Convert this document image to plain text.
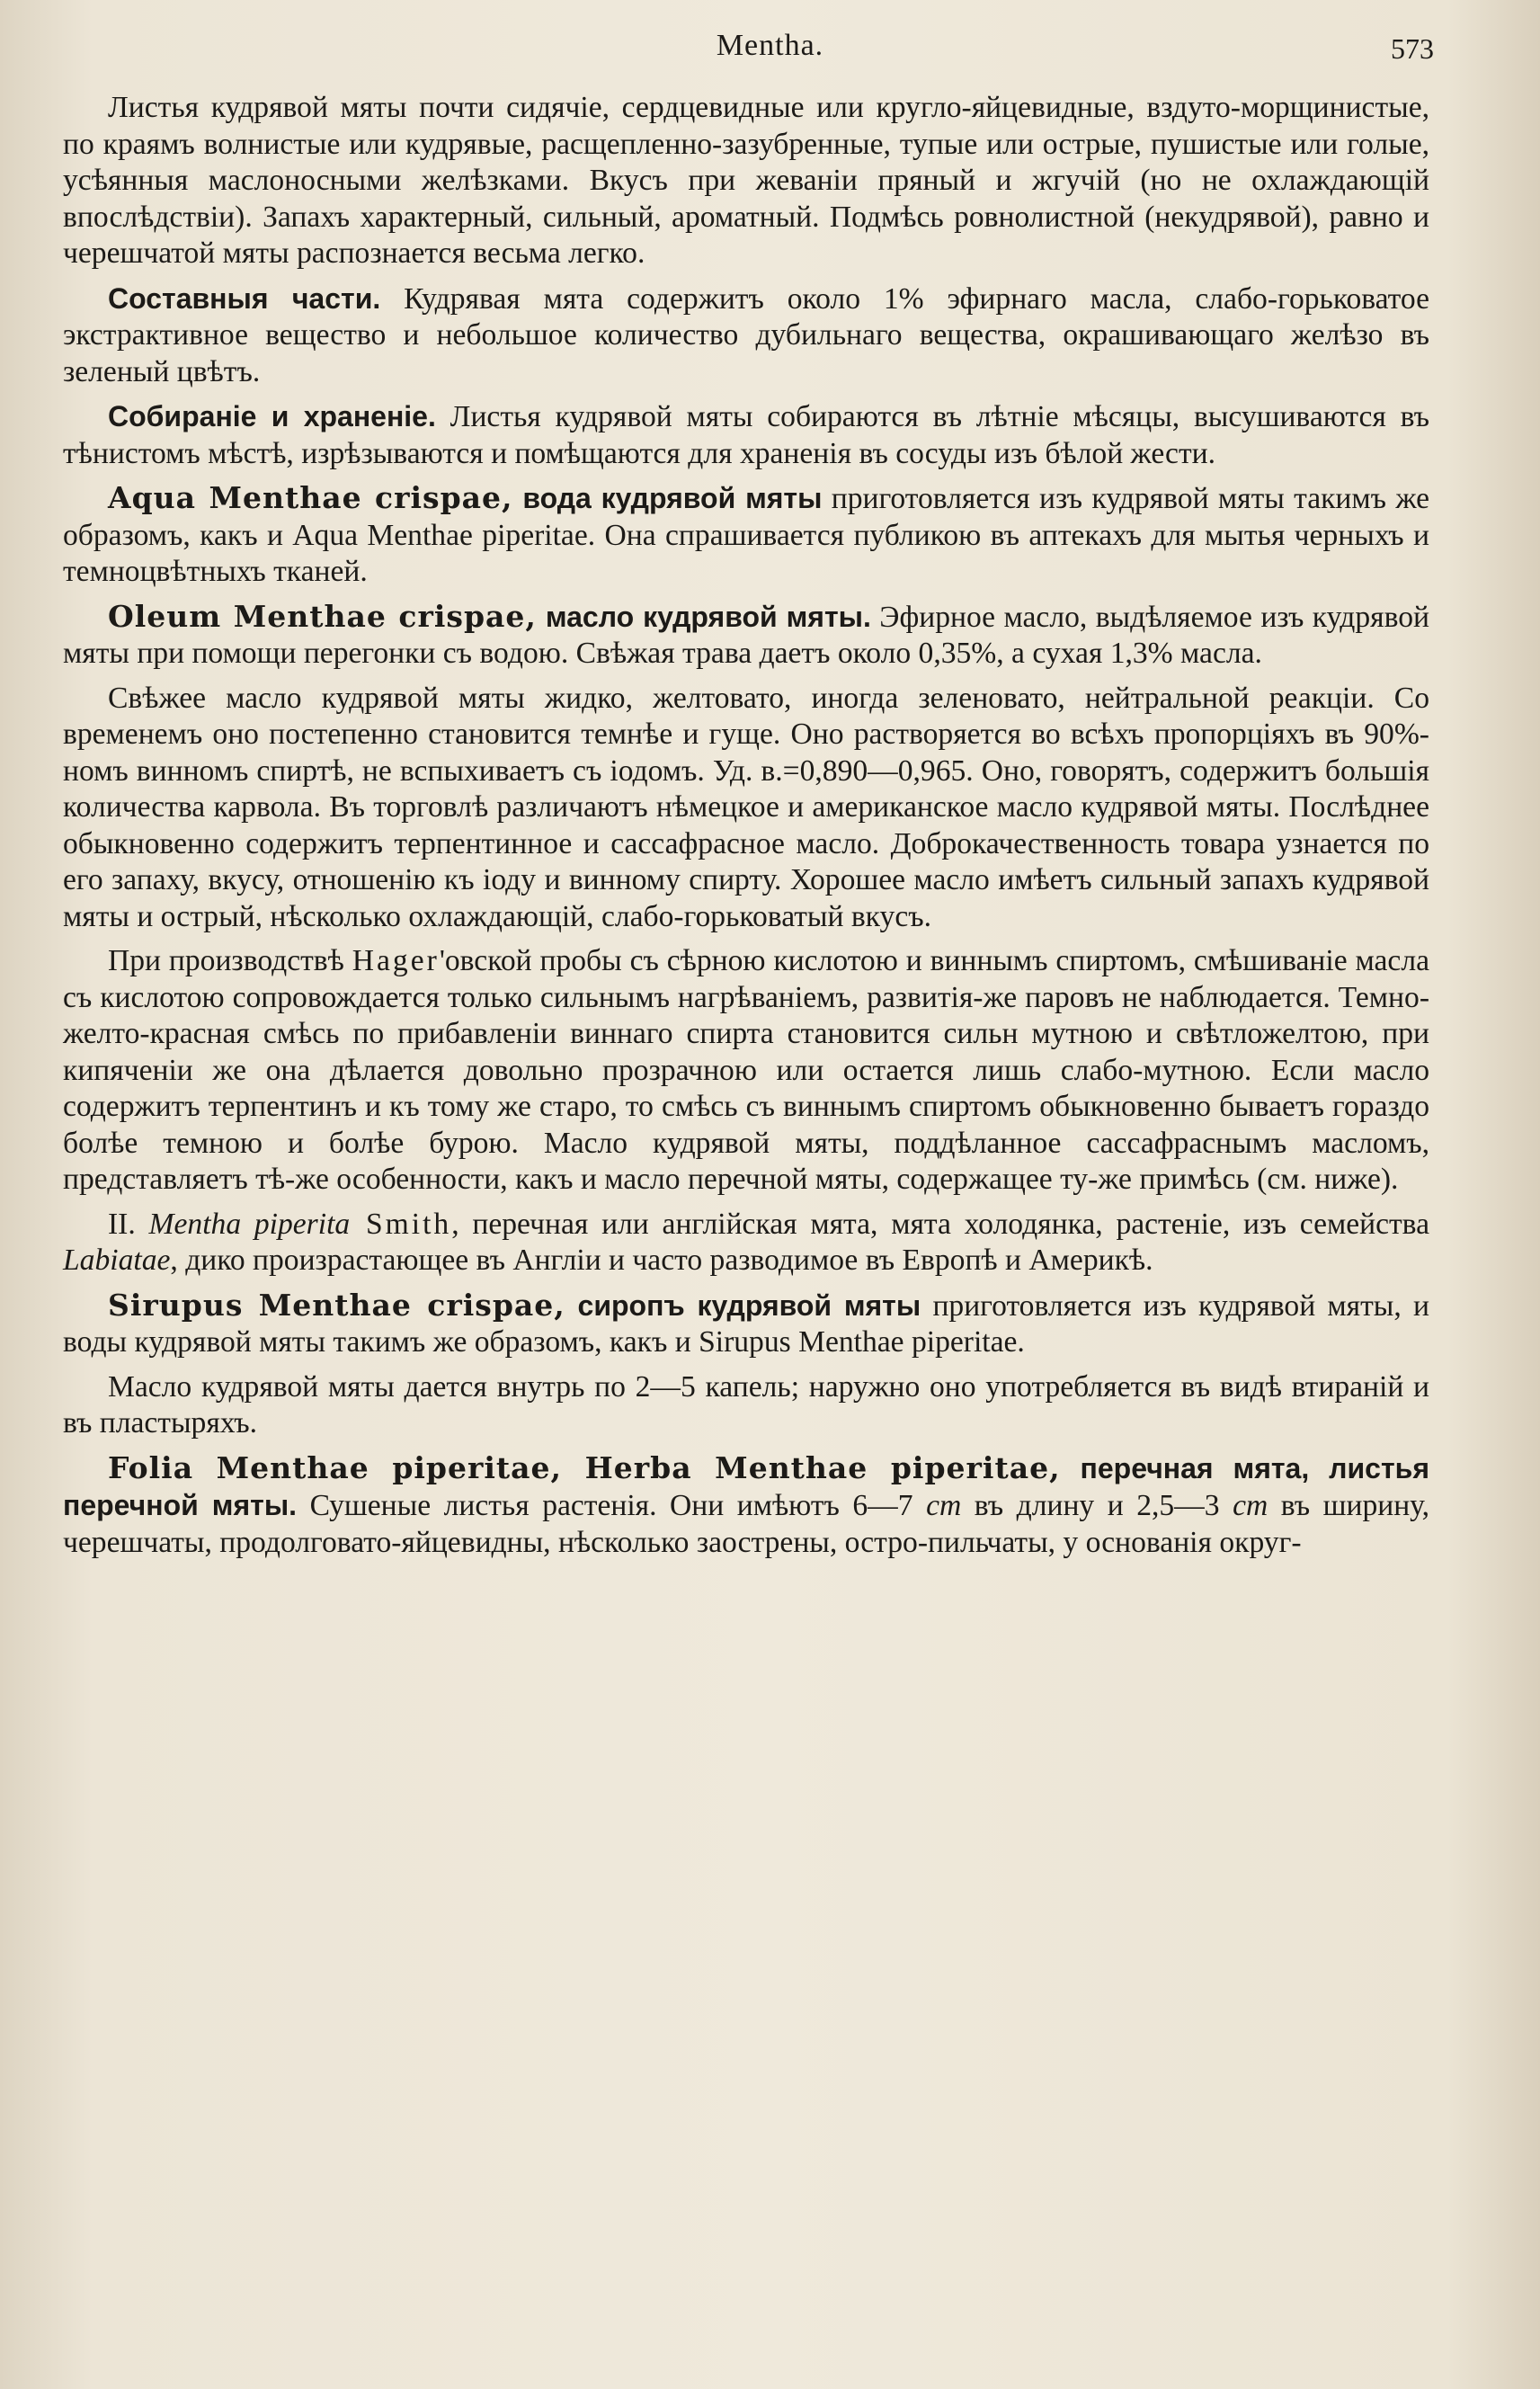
Mentha.	573

Листья кудрявой мяты почти сидячіе, сердцевидные или кругло-яйцевидные, вздуто-морщинистые, по краямъ волнистые или кудрявые, расщепленно-зазубренные, тупые или острые, пушистые или голые, усѣянныя маслоносными желѣзками. Вкусъ при жеваніи пряный и жгучій (но не охлаждающій впослѣдствіи). Запахъ характерный, сильный, ароматный. Подмѣсь ровнолистной (некудрявой), равно и черешчатой мяты распознается весьма легко.

Составныя части. Кудрявая мята содержитъ около 1% эфирнаго масла, слабо-горьковатое экстрактивное вещество и небольшое количество дубильнаго вещества, окрашивающаго желѣзо въ зеленый цвѣтъ.

Собираніе и храненіе. Листья кудрявой мяты собираются въ лѣтніе мѣсяцы, высушиваются въ тѣнистомъ мѣстѣ, изрѣзываются и помѣщаются для храненія въ сосуды изъ бѣлой жести.

Aqua Menthae crispae, вода кудрявой мяты приготовляется изъ кудрявой мяты такимъ же образомъ, какъ и Aqua Menthae piperitae. Она спрашивается публикою въ аптекахъ для мытья черныхъ и темноцвѣтныхъ тканей.

Oleum Menthae crispae, масло кудрявой мяты. Эфирное масло, выдѣляемое изъ кудрявой мяты при помощи перегонки съ водою. Свѣжая трава даетъ около 0,35%, а сухая 1,3% масла.

Свѣжее масло кудрявой мяты жидко, желтовато, иногда зеленовато, нейтральной реакціи. Со временемъ оно постепенно становится темнѣе и гуще. Оно растворяется во всѣхъ пропорціяхъ въ 90%-номъ винномъ спиртѣ, не вспыхиваетъ съ іодомъ. Уд. в.=0,890—0,965. Оно, говорятъ, содержитъ большія количества карвола. Въ торговлѣ различаютъ нѣмецкое и американское масло кудрявой мяты. Послѣднее обыкновенно содержитъ терпентинное и сассафрасное масло. Доброкачественность товара узнается по его запаху, вкусу, отношенію къ іоду и винному спирту. Хорошее масло имѣетъ сильный запахъ кудрявой мяты и острый, нѣсколько охлаждающій, слабо-горьковатый вкусъ.

При производствѣ Hager'овской пробы съ сѣрною кислотою и виннымъ спиртомъ, смѣшиваніе масла съ кислотою сопровождается только сильнымъ нагрѣваніемъ, развитія-же паровъ не наблюдается. Темно-желто-красная смѣсь по прибавленіи виннаго спирта становится сильн мутною и свѣтложелтою, при кипяченіи же она дѣлается довольно прозрачною или остается лишь слабо-мутною. Если масло содержитъ терпентинъ и къ тому же старо, то смѣсь съ виннымъ спиртомъ обыкновенно бываетъ гораздо болѣе темною и болѣе бурою. Масло кудрявой мяты, поддѣланное сассафраснымъ масломъ, представляетъ тѣ-же особенности, какъ и масло перечной мяты, содержащее ту-же примѣсь (см. ниже).

II. Mentha piperita Smith, перечная или англійская мята, мята холодянка, растеніе, изъ семейства Labiatae, дико произрастающее въ Англіи и часто разводимое въ Европѣ и Америкѣ.

Sirupus Menthae crispae, сиропъ кудрявой мяты приготовляется изъ кудрявой мяты, и воды кудрявой мяты такимъ же образомъ, какъ и Sirupus Menthae piperitae.

Масло кудрявой мяты дается внутрь по 2—5 капель; наружно оно употребляется въ видѣ втираній и въ пластыряхъ.

Folia Menthae piperitae, Herba Menthae piperitae, перечная мята, листья перечной мяты. Сушеные листья растенія. Они имѣютъ 6—7 cm въ длину и 2,5—3 cm въ ширину, черешчаты, продолговато-яйцевидны, нѣсколько заострены, остро-пильчаты, у основанія округ-
